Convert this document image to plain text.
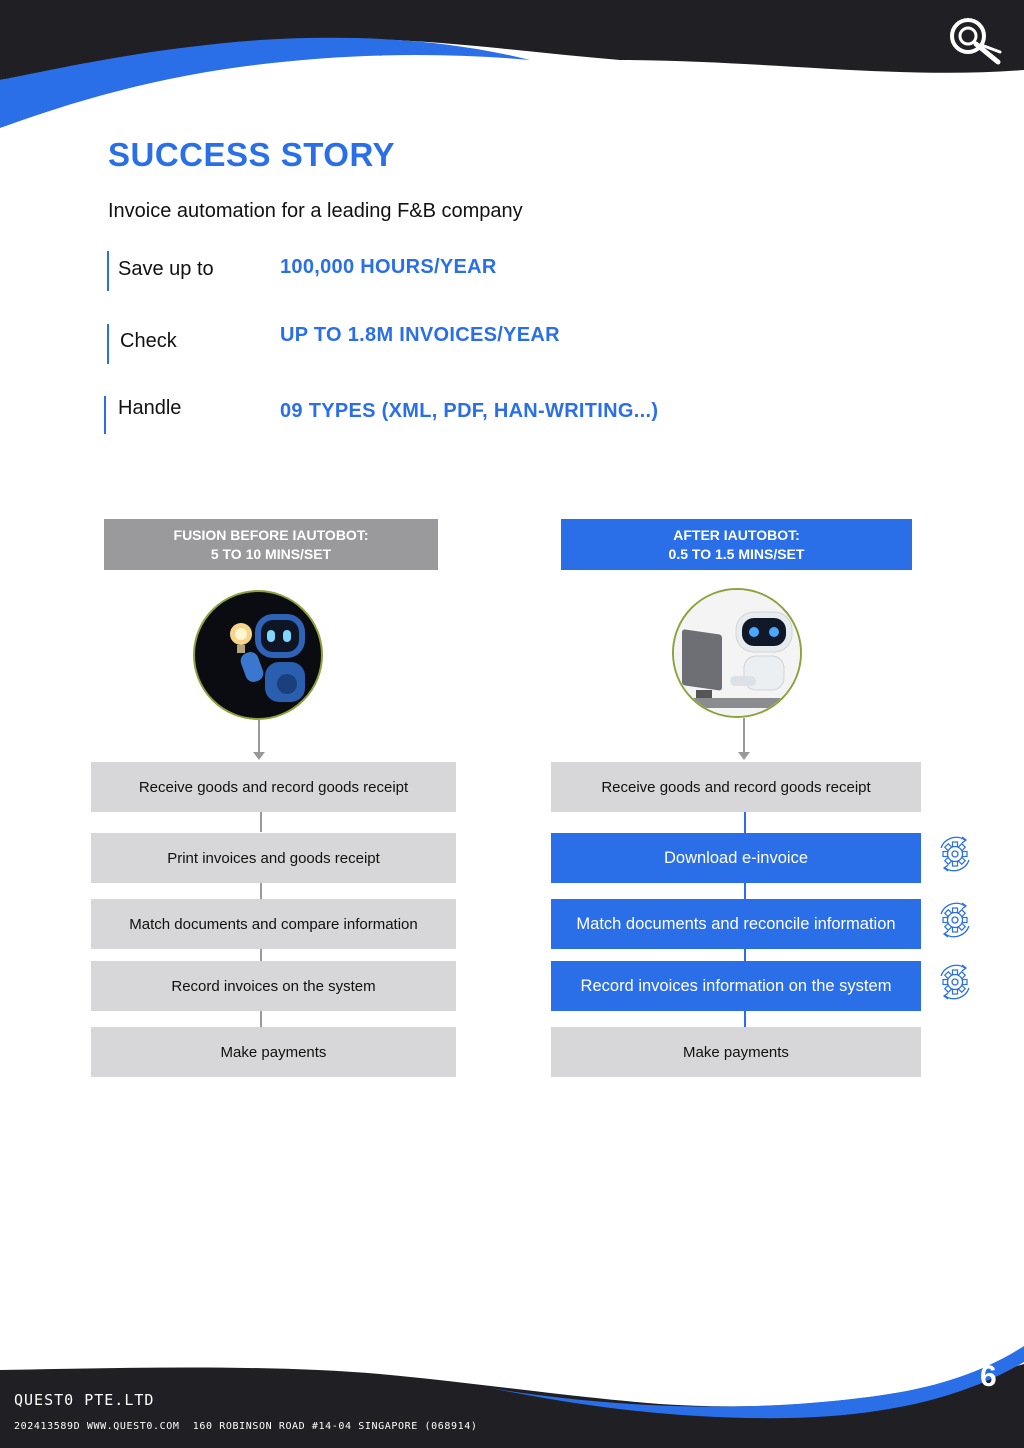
SUCCESS STORY
Invoice automation for a leading F&B company
Save up to	100,000 HOURS/YEAR
Check	UP TO 1.8M INVOICES/YEAR
Handle	09 TYPES (XML, PDF, HAN-WRITING...)
FUSION BEFORE IAUTOBOT:
5 TO 10 MINS/SET
Receive goods and record goods receipt
Print invoices and goods receipt
Match documents and compare information
Record invoices on the system
Make payments
AFTER IAUTOBOT:
0.5 TO 1.5 MINS/SET
Receive goods and record goods receipt
Download e-invoice
Match documents and reconcile information
Record invoices information on the system
Make payments
QUEST0 PTE.LTD
202413589D WWW.QUEST0.COM  160 ROBINSON ROAD #14-04 SINGAPORE (068914)
6
